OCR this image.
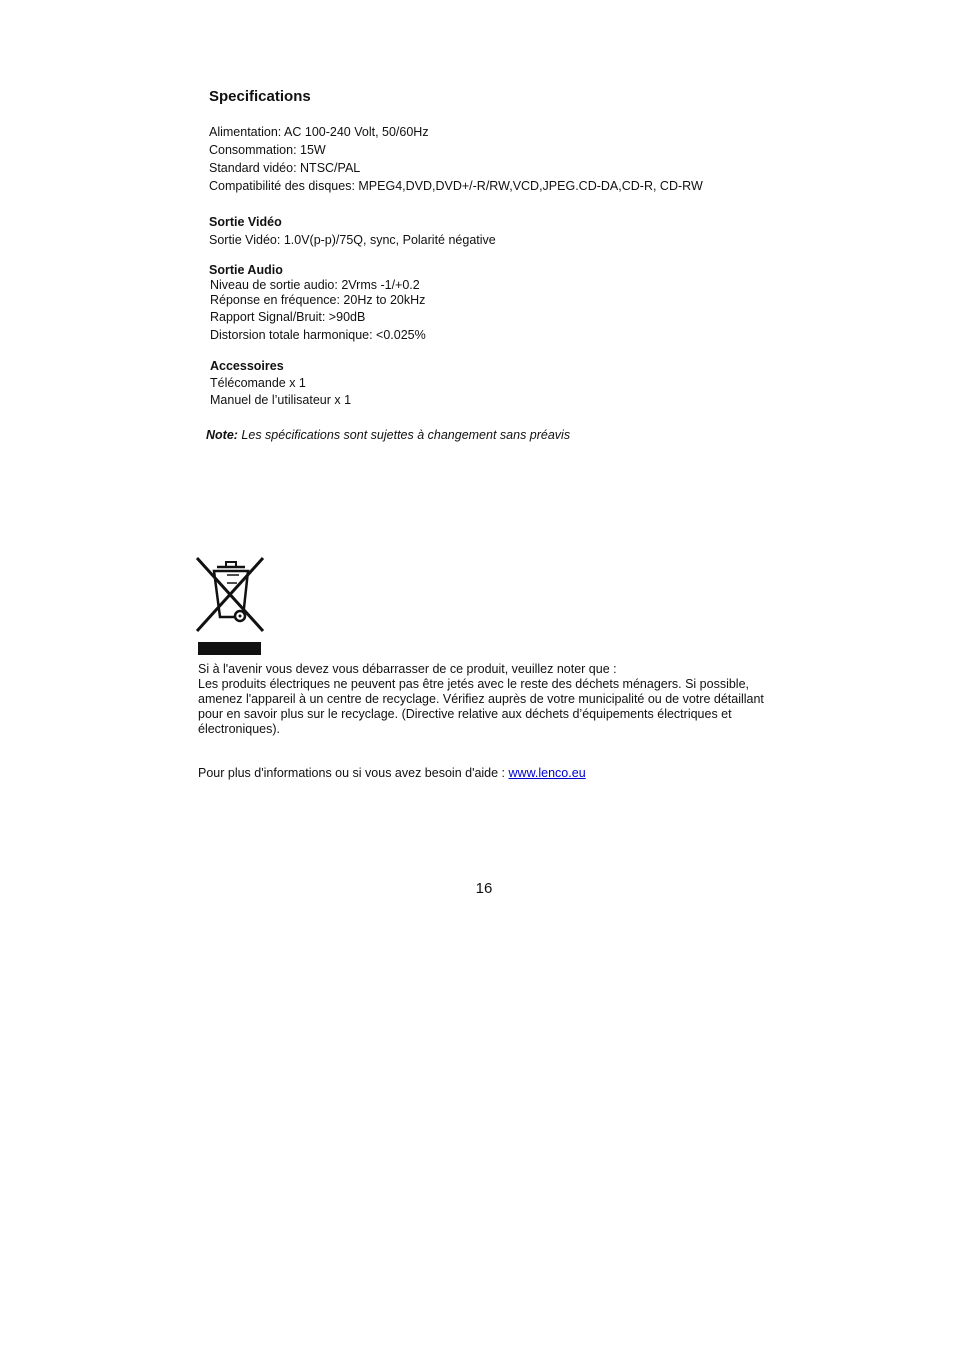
Specifications
Alimentation: AC 100-240 Volt, 50/60Hz
Consommation: 15W
Standard vidéo: NTSC/PAL
Compatibilité des disques: MPEG4,DVD,DVD+/-R/RW,VCD,JPEG.CD-DA,CD-R, CD-RW
Sortie Vidéo
Sortie Vidéo: 1.0V(p-p)/75Q, sync, Polarité négative
Sortie Audio
Niveau de sortie audio: 2Vrms -1/+0.2
Réponse en fréquence: 20Hz to 20kHz
Rapport Signal/Bruit: >90dB
Distorsion totale harmonique: <0.025%
Accessoires
Télécomande x 1
Manuel de l’utilisateur x 1
Note: Les spécifications sont sujettes à changement sans préavis

Si à l'avenir vous devez vous débarrasser de ce produit, veuillez noter que :

Les produits électriques ne peuvent pas être jetés avec le reste des déchets ménagers. Si possible, amenez l'appareil à un centre de recyclage. Vérifiez auprès de votre municipalité ou de votre détaillant pour en savoir plus sur le recyclage. (Directive relative aux déchets d’équipements électriques et électroniques).

Pour plus d'informations ou si vous avez besoin d'aide : www.lenco.eu
16
